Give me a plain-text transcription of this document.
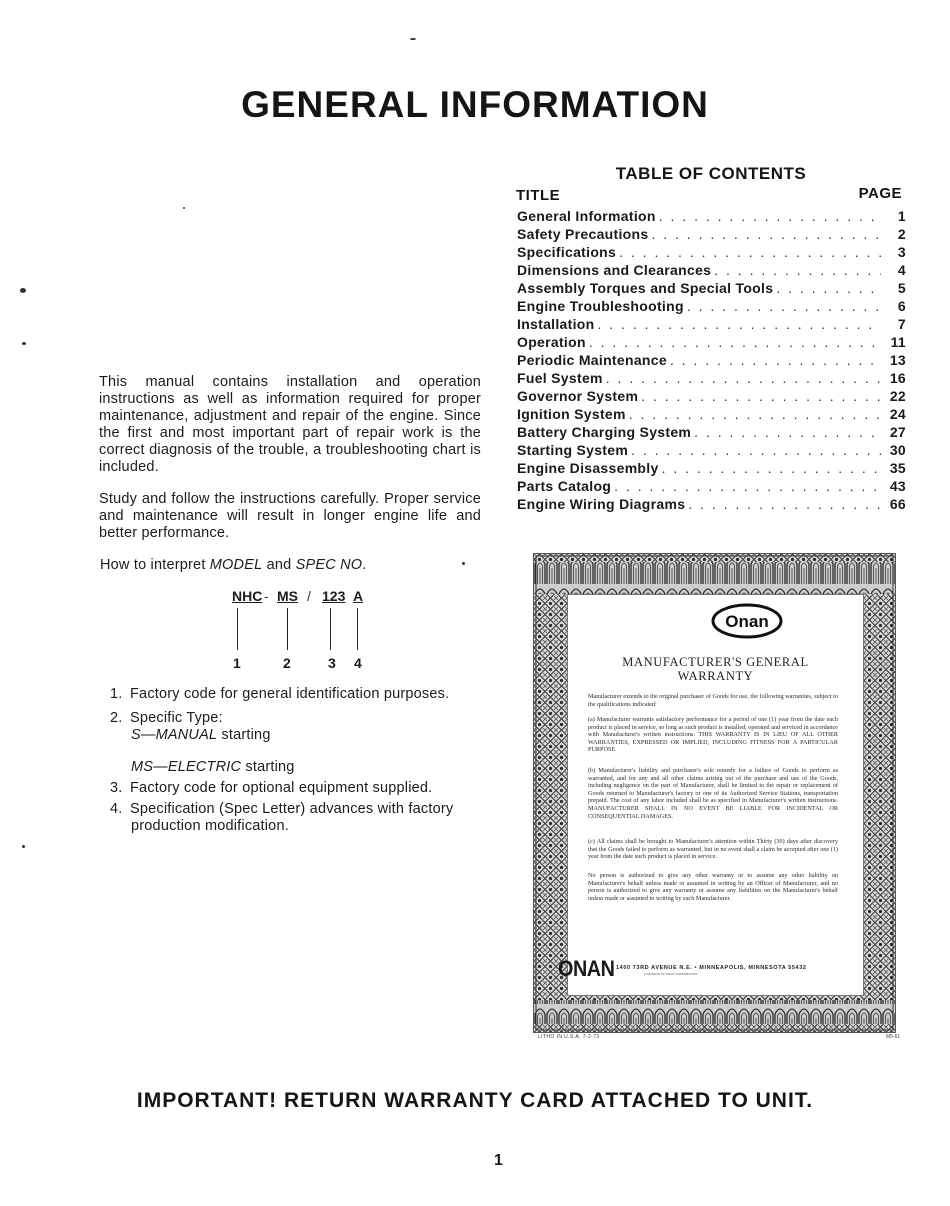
GENERAL INFORMATION
TABLE OF CONTENTS
TITLE	PAGE
General Information . . .	1
Safety Precautions . . .	2
Specifications . . .	3
Dimensions and Clearances . . .	4
Assembly Torques and Special Tools . . .	5
Engine Troubleshooting . . .	6
Installation . . .	7
Operation . . .	11
Periodic Maintenance . . .	13
Fuel System . . .	16
Governor System . . .	22
Ignition System . . .	24
Battery Charging System . . .	27
Starting System . . .	30
Engine Disassembly . . .	35
Parts Catalog . . .	43
Engine Wiring Diagrams . . .	66
This manual contains installation and operation instructions as well as information required for proper maintenance, adjustment and repair of the engine. Since the first and most important part of repair work is the correct diagnosis of the trouble, a troubleshooting chart is included.
Study and follow the instructions carefully. Proper service and maintenance will result in longer engine life and better performance.
How to interpret MODEL and SPEC NO.
NHC - MS / 123 A
1	2	3 4
1. Factory code for general identification purposes.
2. Specific Type:
S—MANUAL starting
MS—ELECTRIC starting
3. Factory code for optional equipment supplied.
4. Specification (Spec Letter) advances with factory
production modification.
Onan
MANUFACTURER'S GENERAL
WARRANTY
Manufacturer extends to the original purchaser of Goods for use, the following warranties, subject to the qualifications indicated:
(a) Manufacturer warrants satisfactory performance for a period of one (1) year from the date each product is placed in service, so long as such product is installed, operated and serviced in accordance with Manufacturer's written instructions. THIS WARRANTY IS IN LIEU OF ALL OTHER WARRANTIES, EXPRESSED OR IMPLIED, INCLUDING FITNESS FOR A PARTICULAR PURPOSE.
(b) Manufacturer's liability and purchaser's sole remedy for a failure of Goods to perform as warranted, and for any and all other claims arising out of the purchase and use of the Goods, including negligence on the part of Manufacturer, shall be limited to the repair or replacement of Goods returned to Manufacturer's factory or one of its Authorized Service Stations, transportation prepaid. The cost of any labor included shall be as specified in Manufacturer's written instructions. MANUFACTURER SHALL IN NO EVENT BE LIABLE FOR INCIDENTAL OR CONSEQUENTIAL DAMAGES.
(c) All claims shall be brought to Manufacturer's attention within Thirty (30) days after discovery that the Goods failed to perform as warranted, but in no event shall a claim be accepted after one (1) year from the date such product is placed in service.
No person is authorized to give any other warranty or to assume any other liability on Manufacturer's behalf unless made or assumed in writing by an Officer of Manufacturer, and no person is authorized to give any warranty or assume any liabilities on the Manufacturer's behalf unless made or assumed in writing by such Manufacturer.
ONAN 1400 73RD AVENUE N.E. • MINNEAPOLIS, MINNESOTA 55432
A DIVISION OF ONAN CORPORATION
LITHO IN U.S.A. 7-2-73	M5-61
IMPORTANT! RETURN WARRANTY CARD ATTACHED TO UNIT.
1
